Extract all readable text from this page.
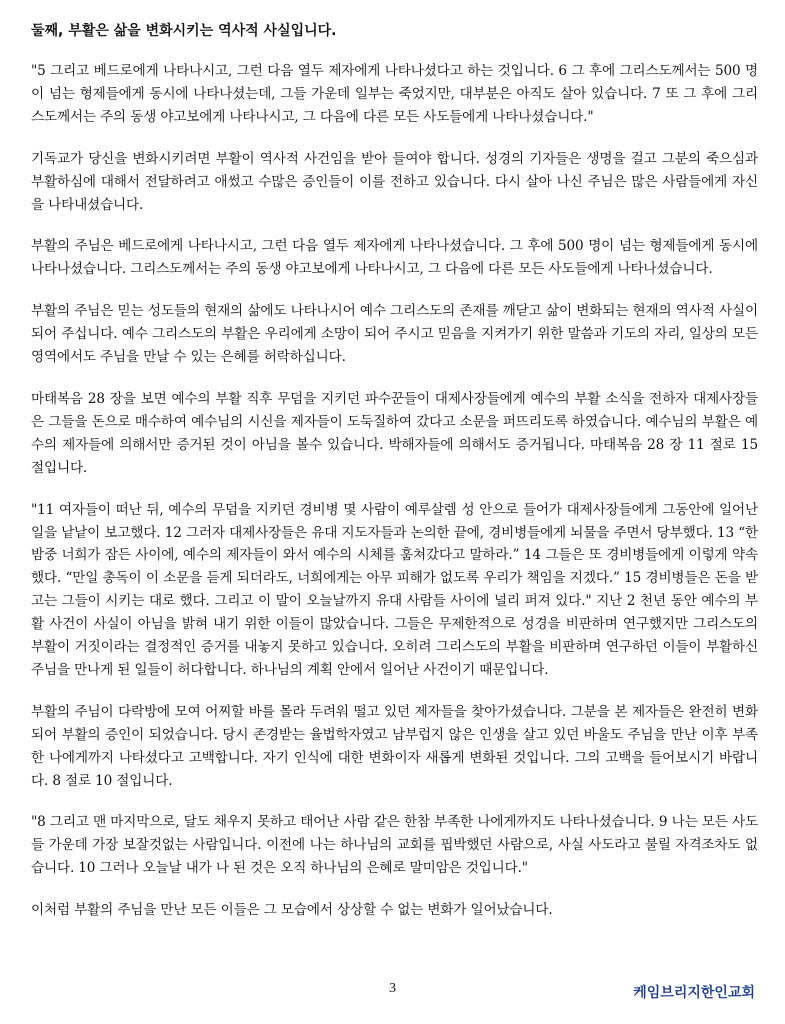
둘째, 부활은 삶을 변화시키는 역사적 사실입니다.
"5 그리고 베드로에게 나타나시고, 그런 다음 열두 제자에게 나타나셨다고 하는 것입니다. 6 그 후에 그리스도께서는 500 명이 넘는 형제들에게 동시에 나타나셨는데, 그들 가운데 일부는 죽었지만, 대부분은 아직도 살아 있습니다. 7 또 그 후에 그리스도께서는 주의 동생 야고보에게 나타나시고, 그 다음에 다른 모든 사도들에게 나타나셨습니다."
기독교가 당신을 변화시키려면 부활이 역사적 사건임을 받아 들여야 합니다. 성경의 기자들은 생명을 걸고 그분의 죽으심과 부활하심에 대해서 전달하려고 애썼고 수많은 증인들이 이를 전하고 있습니다. 다시 살아 나신 주님은 많은 사람들에게 자신을 나타내셨습니다.
부활의 주님은 베드로에게 나타나시고, 그런 다음 열두 제자에게 나타나셨습니다. 그 후에 500 명이 넘는 형제들에게 동시에 나타나셨습니다. 그리스도께서는 주의 동생 야고보에게 나타나시고, 그 다음에 다른 모든 사도들에게 나타나셨습니다.
부활의 주님은 믿는 성도들의 현재의 삶에도 나타나시어 예수 그리스도의 존재를 깨닫고 삶이 변화되는 현재의 역사적 사실이 되어 주십니다. 예수 그리스도의 부활은 우리에게 소망이 되어 주시고 믿음을 지켜가기 위한 말씀과 기도의 자리, 일상의 모든 영역에서도 주님을 만날 수 있는 은혜를 허락하십니다.
마태복음 28 장을 보면 예수의 부활 직후 무덤을 지키던 파수꾼들이 대제사장들에게 예수의 부활 소식을 전하자 대제사장들은 그들을 돈으로 매수하여 예수님의 시신을 제자들이 도둑질하여 갔다고 소문을 퍼뜨리도록 하였습니다. 예수님의 부활은 예수의 제자들에 의해서만 증거된 것이 아님을 볼수 있습니다. 박해자들에 의해서도 증거됩니다. 마태복음 28 장 11 절로 15 절입니다.
"11 여자들이 떠난 뒤, 예수의 무덤을 지키던 경비병 몇 사람이 예루살렘 성 안으로 들어가 대제사장들에게 그동안에 일어난 일을 낱낱이 보고했다. 12 그러자 대제사장들은 유대 지도자들과 논의한 끝에, 경비병들에게 뇌물을 주면서 당부했다. 13 “한밤중 너희가 잠든 사이에, 예수의 제자들이 와서 예수의 시체를 훔쳐갔다고 말하라.” 14 그들은 또 경비병들에게 이렇게 약속했다. “만일 총독이 이 소문을 듣게 되더라도, 너희에게는 아무 피해가 없도록 우리가 책임을 지겠다.” 15 경비병들은 돈을 받고는 그들이 시키는 대로 했다. 그리고 이 말이 오늘날까지 유대 사람들 사이에 널리 퍼져 있다." 지난 2 천년 동안 예수의 부활 사건이 사실이 아님을 밝혀 내기 위한 이들이 많았습니다. 그들은 무제한적으로 성경을 비판하며 연구했지만 그리스도의 부활이 거짓이라는 결정적인 증거를 내놓지 못하고 있습니다. 오히려 그리스도의 부활을 비판하며 연구하던 이들이 부활하신 주님을 만나게 된 일들이 허다합니다. 하나님의 계획 안에서 일어난 사건이기 때문입니다.
부활의 주님이 다락방에 모여 어찌할 바를 몰라 두려워 떨고 있던 제자들을 찾아가셨습니다. 그분을 본 제자들은 완전히 변화되어 부활의 증인이 되었습니다. 당시 존경받는 율법학자였고 남부럽지 않은 인생을 살고 있던 바울도 주님을 만난 이후 부족한 나에게까지 나타셨다고 고백합니다. 자기 인식에 대한 변화이자 새롭게 변화된 것입니다. 그의 고백을 들어보시기 바랍니다. 8 절로 10 절입니다.
"8 그리고 맨 마지막으로, 달도 채우지 못하고 태어난 사람 같은 한참 부족한 나에게까지도 나타나셨습니다. 9 나는 모든 사도들 가운데 가장 보잘것없는 사람입니다. 이전에 나는 하나님의 교회를 핍박했던 사람으로, 사실 사도라고 불릴 자격조차도 없습니다. 10 그러나 오늘날 내가 나 된 것은 오직 하나님의 은혜로 말미암은 것입니다."
이처럼 부활의 주님을 만난 모든 이들은 그 모습에서 상상할 수 없는 변화가 일어났습니다.
3	케임브리지한인교회
